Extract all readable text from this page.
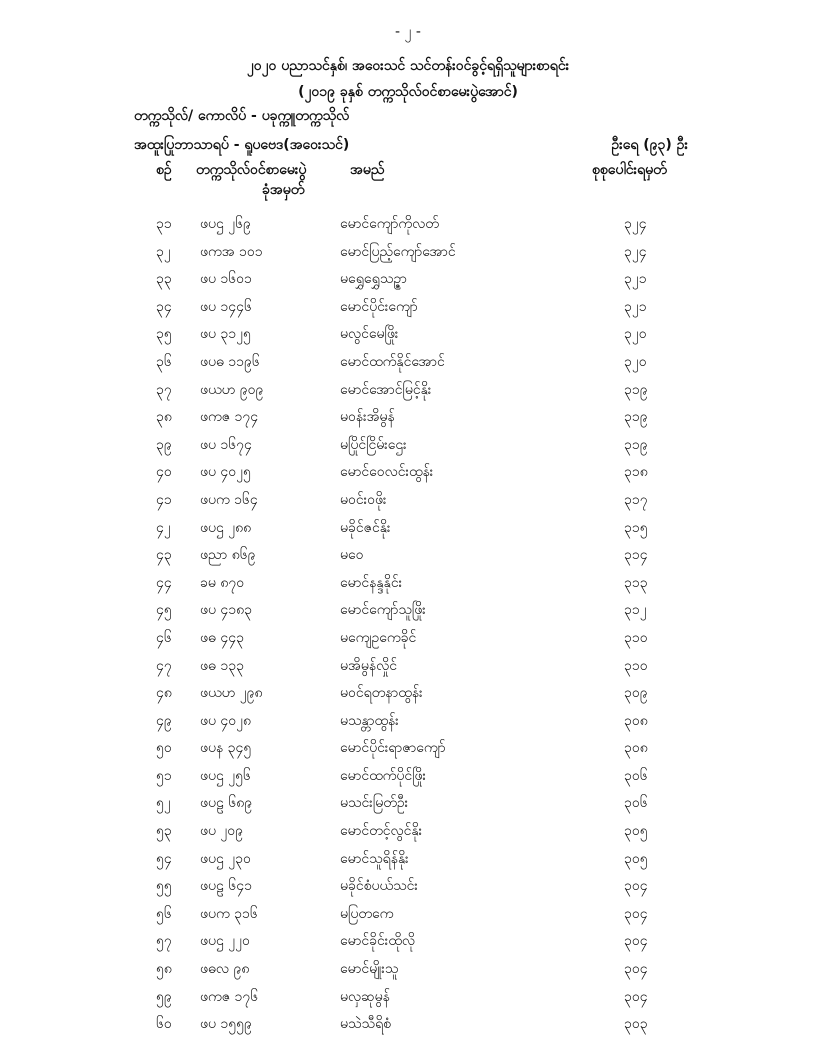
- ၂ -
၂၀၂၀ ပညာသင်နှစ်၊ အဝေးသင် သင်တန်းဝင်ခွင့်ရရှိသူများစာရင်း
(၂၀၁၉ ခုနှစ် တက္ကသိုလ်ဝင်စာမေးပွဲအောင်)
တက္ကသိုလ်/ ကောလိပ် - ပခုက္ကူတက္ကသိုလ်
အထူးပြုဘာသာရပ် - ရူပဗေဒ(အဝေးသင်)	ဦးရေ (၉၃) ဦး
စဉ် တက္ကသိုလ်ဝင်စာမေးပွဲ
ခုံအမှတ်
အမည်	စုစုပေါင်းရမှတ်
၃၁ ဖပဌ ၂၆၉	မောင်ကျော်ကိုလတ်	၃၂၄
၃၂ ဖကအ ၁၀၁	မောင်ပြည့်ကျော်အောင်	၃၂၄
၃၃ ဖပ ၁၆၀၁	မရွှေရွှေသဥ္ဇာ	၃၂၁
၃၄ ဖပ ၁၄၄၆	မောင်ပိုင်းကျော်	၃၂၁
၃၅ ဖပ ၃၁၂၅	မလွင်မေဖြိုး	၃၂၀
၃၆ ဖပဓ ၁၁၉၆	မောင်ထက်နိုင်အောင်	၃၂၀
၃၇ ဖယဟ ၉၀၉	မောင်အောင်မြင့်နိုး	၃၁၉
၃၈ ဖကဇ ၁၇၄	မဝန်းအိမွန်	၃၁၉
၃၉ ဖပ ၁၆၇၄	မပြိုင်ငြိမ်းဌေး	၃၁၉
၄၀ ဖပ ၄၀၂၅	မောင်ဝေလင်းထွန်း	၃၁၈
၄၁ ဖပက ၁၆၄	မဝင်းဝဖိုး	၃၁၇
၄၂ ဖပဌ ၂၈၈	မခိုင်ဇင်နိုး	၃၁၅
၄၃ ဖညာ ၈၆၉	မဝေ	၃၁၄
၄၄ ခမ ၈၇၀	မောင်နန္ဒနိုင်း	၃၁၃
၄၅ ဖပ ၄၁၈၃	မောင်ကျော်သူဖြိုး	၃၁၂
၄၆ ဖဓ ၄၄၃	မကျေဥကေခိုင်	၃၁၀
၄၇ ဖဓ ၁၃၃	မအိမွန်လှိုင်	၃၁၀
၄၈ ဖယဟ ၂၉၈	မဝင်ရတနာထွန်း	၃၀၉
၄၉ ဖပ ၄၀၂၈	မသန္တာထွန်း	၃၀၈
၅၀ ဖပန ၃၄၅	မောင်ပိုင်းရာဇာကျော်	၃၀၈
၅၁ ဖပဌ ၂၅၆	မောင်ထက်ပိုင်ဖြိုး	၃၀၆
၅၂ ဖပဠ ၆၈၉	မသင်းမြတ်ဦး	၃၀၆
၅၃ ဖပ ၂၀၉	မောင်တင့်လွင်နိုး	၃၀၅
၅၄ ဖပဌ ၂၃၀	မောင်သူရိန်နိုး	၃၀၅
၅၅ ဖပဠ ၆၄၁	မခိုင်စံပယ်သင်း	၃၀၄
၅၆ ဖပက ၃၁၆	မပြတကေ	၃၀၄
၅၇ ဖပဌ ၂၂၀	မောင်ခိုင်းထိုလို	၃၀၄
၅၈ ဖဓလ ၉၈	မောင်မျိုးသူ	၃၀၄
၅၉ ဖကဇ ၁၇၆	မလှဆုမွန်	၃၀၄
၆၀ ဖပ ၁၅၅၉	မသဲသီရိစံ	၃၀၃
